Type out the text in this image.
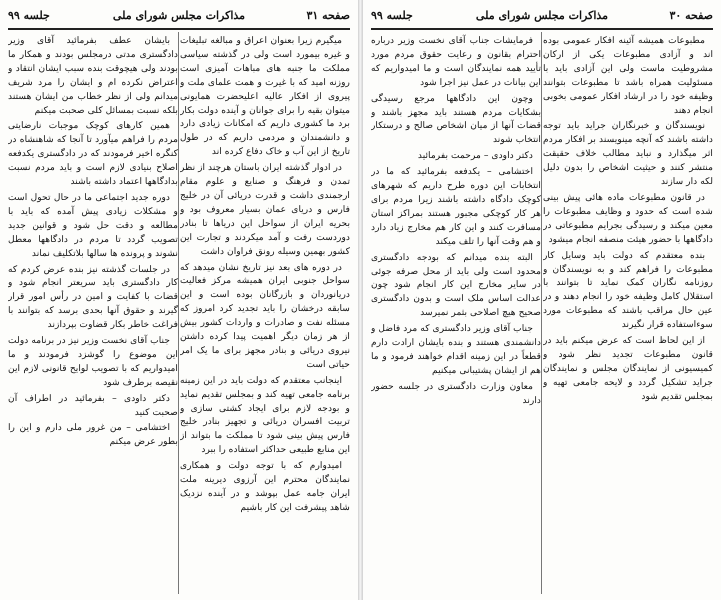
صفحه ۳۱
مذاکرات مجلس شورای ملی
جلسه ۹۹

میگیرم زیرا بعنوان اعراق و مبالغه تبلیغات و غیره بیمورد است ولی در گذشته سیاسی مملکت ما جنبه های مباهات آمیزی است روزنه امید که با غیرت و همت علمای ملت و پیروی از افکار عالیه اعلیحضرت همایونی میتوان بقیه را برای جوانان و آینده دولت بکار برد ما کشوری داریم که امکانات زیادی دارد و دانشمندان و مردمی داریم که در طول تاریخ از این آب و خاک دفاع کرده اند

در ادوار گذشته ایران باستان هرچند از نظر تمدن و فرهنگ و صنایع و علوم مقام ارجمندی داشت و قدرت دریائی آن در خلیج فارس و دریای عمان بسیار معروف بود و بحریه ایران از سواحل این دریاها تا بنادر دوردست رفت و آمد میکردند و تجارت این کشور بهمین وسیله رونق فراوان داشت

در دوره های بعد نیز تاریخ نشان میدهد که سواحل جنوبی ایران همیشه مرکز فعالیت دریانوردان و بازرگانان بوده است و این سابقه درخشان را باید تجدید کرد امروز که مسئله نفت و صادرات و واردات کشور بیش از هر زمان دیگر اهمیت پیدا کرده داشتن نیروی دریائی و بنادر مجهز برای ما یک امر حیاتی است

اینجانب معتقدم که دولت باید در این زمینه برنامه جامعی تهیه کند و بمجلس تقدیم نماید و بودجه لازم برای ایجاد کشتی سازی و تربیت افسران دریائی و تجهیز بنادر خلیج فارس پیش بینی شود تا مملکت ما بتواند از این منابع طبیعی حداکثر استفاده را ببرد

امیدوارم که با توجه دولت و همکاری نمایندگان محترم این آرزوی دیرینه ملت ایران جامه عمل بپوشد و در آینده نزدیک شاهد پیشرفت این کار باشیم

بایشان عطف بفرمائید آقای وزیر دادگستری مدتی درمجلس بودند و همکار ما بودند ولی هیچوقت بنده سبب ایشان انتقاد و اعتراض نکرده ام و ایشان را مرد شریف میدانم ولی از نظر خطاب من ایشان هستند بلکه نسبت بمسائل کلی صحبت میکنم

همین کارهای کوچک موجبات نارضایتی مردم را فراهم میآورد تا آنجا که شاهنشاه در کنگره اخیر فرمودند که در دادگستری یکدفعه اصلاح بنیادی لازم است و باید مردم نسبت بدادگاهها اعتماد داشته باشند

دوره جدید اجتماعی ما در حال تحول است و مشکلات زیادی پیش آمده که باید با مطالعه و دقت حل شود و قوانین جدید تصویب گردد تا مردم در دادگاهها معطل نشوند و پرونده ها سالها بلاتکلیف نماند

در جلسات گذشته نیز بنده عرض کردم که کار دادگستری باید سریعتر انجام شود و قضات با کفایت و امین در رأس امور قرار گیرند و حقوق آنها بحدی برسد که بتوانند با فراغت خاطر بکار قضاوت بپردازند

جناب آقای نخست وزیر نیز در برنامه دولت این موضوع را گوشزد فرمودند و ما امیدواریم که با تصویب لوایح قانونی لازم این نقیصه برطرف شود

دکتر داودی – بفرمائید در اطراف آن صحبت کنید

اختشامی – من غرور ملی دارم و این را بطور عرض میکنم

صفحه ۳۰
مذاکرات مجلس شورای ملی
جلسه ۹۹

مطبوعات همیشه آئینه افکار عمومی بوده اند و آزادی مطبوعات یکی از ارکان مشروطیت ماست ولی این آزادی باید با مسئولیت همراه باشد تا مطبوعات بتوانند وظیفه خود را در ارشاد افکار عمومی بخوبی انجام دهند

نویسندگان و خبرنگاران جراید باید توجه داشته باشند که آنچه مینویسند بر افکار مردم اثر میگذارد و نباید مطالب خلاف حقیقت منتشر کنند و حیثیت اشخاص را بدون دلیل لکه دار سازند

در قانون مطبوعات ماده هائی پیش بینی شده است که حدود و وظایف مطبوعات را معین میکند و رسیدگی بجرایم مطبوعاتی در دادگاهها با حضور هیئت منصفه انجام میشود

بنده معتقدم که دولت باید وسایل کار مطبوعات را فراهم کند و به نویسندگان و روزنامه نگاران کمک نماید تا بتوانند با استقلال کامل وظیفه خود را انجام دهند و در عین حال مراقب باشند که مطبوعات مورد سوءاستفاده قرار نگیرند

از این لحاظ است که عرض میکنم باید در قانون مطبوعات تجدید نظر شود و کمیسیونی از نمایندگان مجلس و نمایندگان جراید تشکیل گردد و لایحه جامعی تهیه و بمجلس تقدیم شود

فرمایشات جناب آقای نخست وزیر درباره احترام بقانون و رعایت حقوق مردم مورد تأیید همه نمایندگان است و ما امیدواریم که این بیانات در عمل نیز اجرا شود

وچون این دادگاهها مرجع رسیدگی بشکایات مردم هستند باید مجهز باشند و قضات آنها از میان اشخاص صالح و درستکار انتخاب شوند

دکتر داودی – مرحمت بفرمائید

اختشامی – یکدفعه بفرمائید که ما در انتخابات این دوره طرح داریم که شهرهای کوچک دادگاه داشته باشند زیرا مردم برای هر کار کوچکی مجبور هستند بمراکز استان مسافرت کنند و این کار هم مخارج زیاد دارد و هم وقت آنها را تلف میکند

البته بنده میدانم که بودجه دادگستری محدود است ولی باید از محل صرفه جوئی در سایر مخارج این کار انجام شود چون عدالت اساس ملک است و بدون دادگستری صحیح هیچ اصلاحی بثمر نمیرسد

جناب آقای وزیر دادگستری که مرد فاضل و دانشمندی هستند و بنده بایشان ارادت دارم قطعاً در این زمینه اقدام خواهند فرمود و ما هم از ایشان پشتیبانی میکنیم

معاون وزارت دادگستری در جلسه حضور دارند
